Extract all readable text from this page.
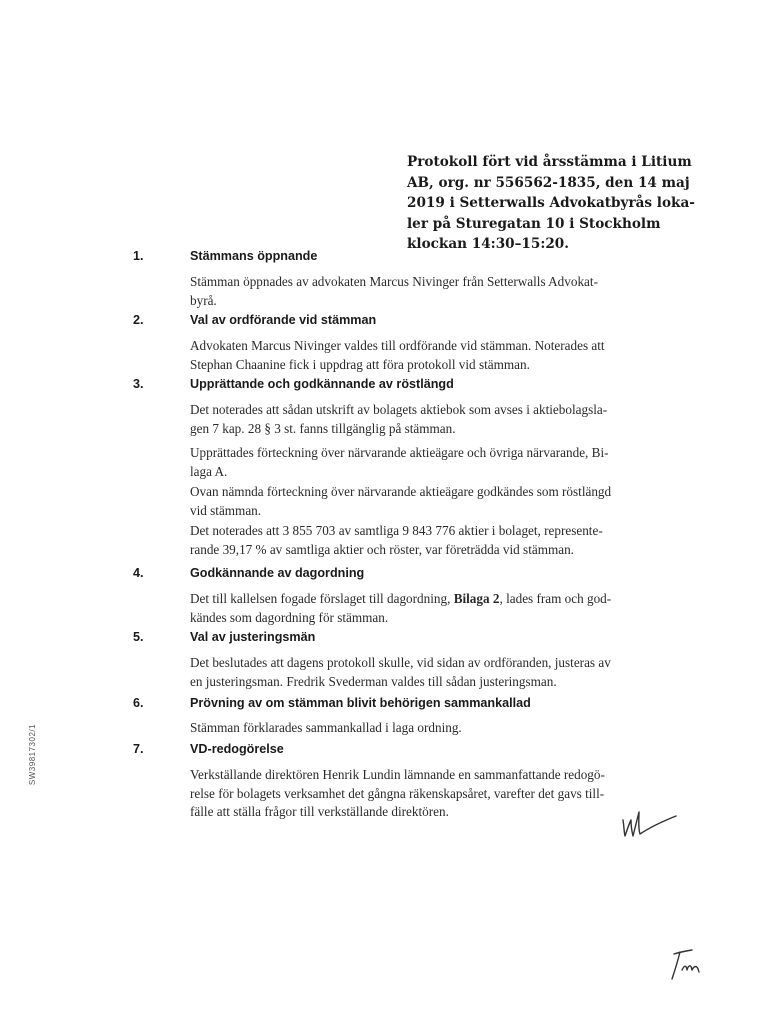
Protokoll fört vid årsstämma i Litium
AB, org. nr 556562-1835, den 14 maj
2019 i Setterwalls Advokatbyrås loka-
ler på Sturegatan 10 i Stockholm
klockan 14:30–15:20.
SW39817302/1
1.	Stämmans öppnande
Stämman öppnades av advokaten Marcus Nivinger från Setterwalls Advokat-
byrå.
2.	Val av ordförande vid stämman
Advokaten Marcus Nivinger valdes till ordförande vid stämman. Noterades att
Stephan Chaanine fick i uppdrag att föra protokoll vid stämman.
3.	Upprättande och godkännande av röstlängd
Det noterades att sådan utskrift av bolagets aktiebok som avses i aktiebolagsla-
gen 7 kap. 28 § 3 st. fanns tillgänglig på stämman.
Upprättades förteckning över närvarande aktieägare och övriga närvarande, Bi-
laga A.
Ovan nämnda förteckning över närvarande aktieägare godkändes som röstlängd
vid stämman.
Det noterades att 3 855 703 av samtliga 9 843 776 aktier i bolaget, represente-
rande 39,17 % av samtliga aktier och röster, var företrädda vid stämman.
4.	Godkännande av dagordning
Det till kallelsen fogade förslaget till dagordning, Bilaga 2, lades fram och god-
kändes som dagordning för stämman.
5.	Val av justeringsmän
Det beslutades att dagens protokoll skulle, vid sidan av ordföranden, justeras av
en justeringsman. Fredrik Svederman valdes till sådan justeringsman.
6.	Prövning av om stämman blivit behörigen sammankallad
Stämman förklarades sammankallad i laga ordning.
7.	VD-redogörelse
Verkställande direktören Henrik Lundin lämnande en sammanfattande redogö-
relse för bolagets verksamhet det gångna räkenskapsåret, varefter det gavs till-
fälle att ställa frågor till verkställande direktören.
